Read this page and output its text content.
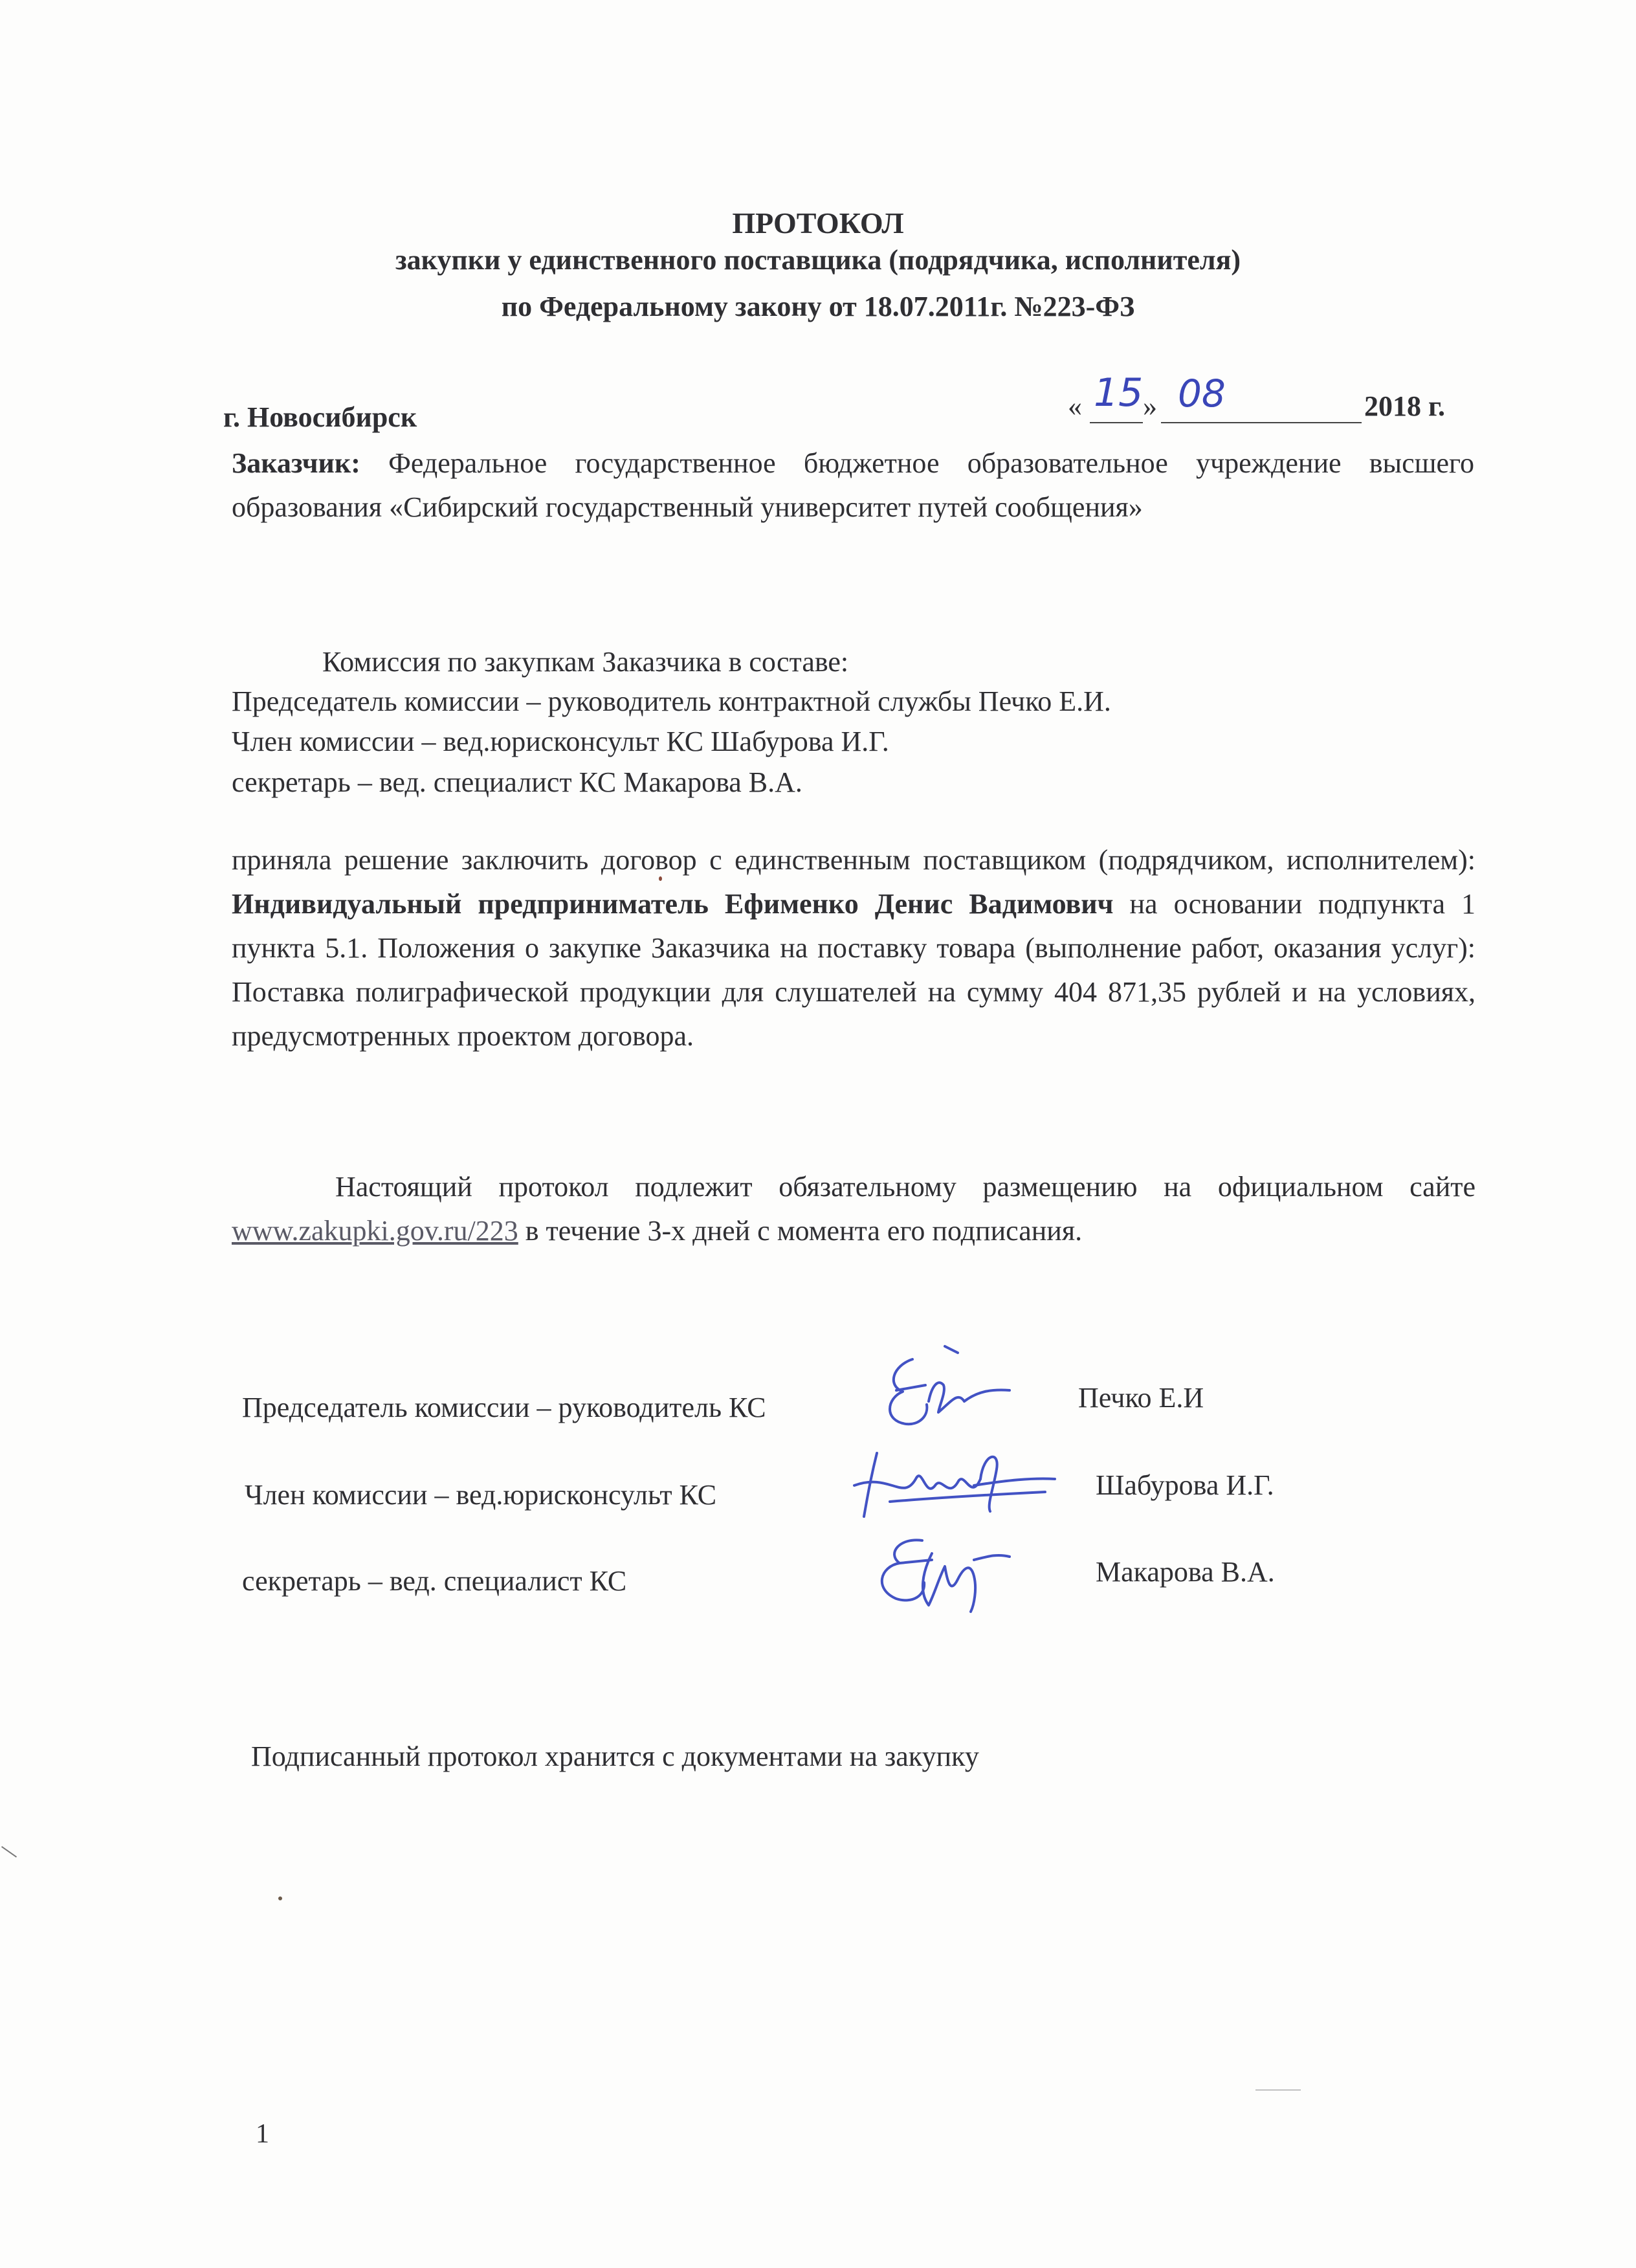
ПРОТОКОЛ
закупки у единственного поставщика (подрядчика, исполнителя)
по Федеральному закону от 18.07.2011г. №223-ФЗ
г. Новосибирск	« 15 » 08	2018 г.
Заказчик: Федеральное государственное бюджетное образовательное учреждение высшего образования «Сибирский государственный университет путей сообщения»
Комиссия по закупкам Заказчика в составе:
Председатель комиссии – руководитель контрактной службы Печко Е.И.
Член комиссии – вед.юрисконсульт КС Шабурова И.Г.
секретарь – вед. специалист КС Макарова В.А.
приняла решение заключить договор с единственным поставщиком (подрядчиком, исполнителем): Индивидуальный предприниматель Ефименко Денис Вадимович на основании подпункта 1 пункта 5.1. Положения о закупке Заказчика на поставку товара (выполнение работ, оказания услуг): Поставка полиграфической продукции для слушателей на сумму 404 871,35 рублей и на условиях, предусмотренных проектом договора.
Настоящий протокол подлежит обязательному размещению на официальном сайте www.zakupki.gov.ru/223 в течение 3-х дней с момента его подписания.
Председатель комиссии – руководитель КС	Печко Е.И
Член комиссии – вед.юрисконсульт КС	Шабурова И.Г.
секретарь – вед. специалист КС	Макарова В.А.
Подписанный протокол хранится с документами на закупку
1
